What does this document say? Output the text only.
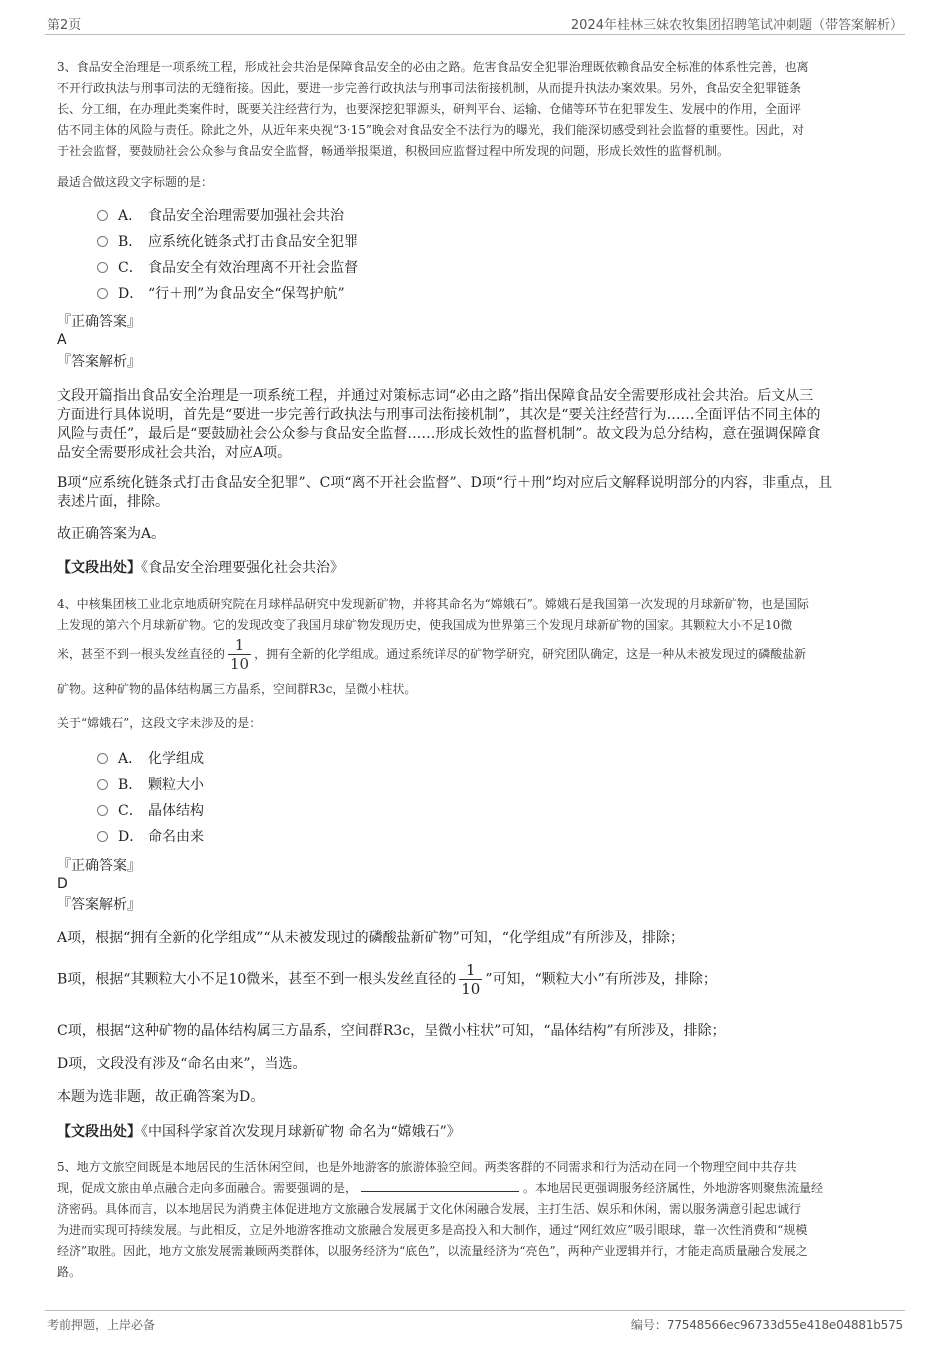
第2页	2024年桂林三妹农牧集团招聘笔试冲刺题（带答案解析）
3、食品安全治理是一项系统工程，形成社会共治是保障食品安全的必由之路。危害食品安全犯罪治理既依赖食品安全标准的体系性完善，也离
不开行政执法与刑事司法的无缝衔接。因此，要进一步完善行政执法与刑事司法衔接机制，从而提升执法办案效果。另外，食品安全犯罪链条
长、分工细，在办理此类案件时，既要关注经营行为，也要深挖犯罪源头，研判平台、运输、仓储等环节在犯罪发生、发展中的作用，全面评
估不同主体的风险与责任。除此之外，从近年来央视“3·15”晚会对食品安全不法行为的曝光，我们能深切感受到社会监督的重要性。因此，对
于社会监督，要鼓励社会公众参与食品安全监督，畅通举报渠道，积极回应监督过程中所发现的问题，形成长效性的监督机制。
最适合做这段文字标题的是：
A． 食品安全治理需要加强社会共治
B． 应系统化链条式打击食品安全犯罪
C． 食品安全有效治理离不开社会监督
D． “行＋刑”为食品安全“保驾护航”
『正确答案』
A
『答案解析』
文段开篇指出食品安全治理是一项系统工程，并通过对策标志词“必由之路”指出保障食品安全需要形成社会共治。后文从三
方面进行具体说明，首先是“要进一步完善行政执法与刑事司法衔接机制”，其次是“要关注经营行为……全面评估不同主体的
风险与责任”，最后是“要鼓励社会公众参与食品安全监督……形成长效性的监督机制”。故文段为总分结构，意在强调保障食
品安全需要形成社会共治，对应A项。
B项“应系统化链条式打击食品安全犯罪”、C项“离不开社会监督”、D项“行＋刑”均对应后文解释说明部分的内容，非重点，且
表述片面，排除。
故正确答案为A。
【文段出处】《食品安全治理要强化社会共治》
4、中核集团核工业北京地质研究院在月球样品研究中发现新矿物，并将其命名为“嫦娥石”。嫦娥石是我国第一次发现的月球新矿物，也是国际
上发现的第六个月球新矿物。它的发现改变了我国月球矿物发现历史，使我国成为世界第三个发现月球新矿物的国家。其颗粒大小不足10微
米，甚至不到一根头发丝直径的 $\frac{1}{10}$ ，拥有全新的化学组成。通过系统详尽的矿物学研究，研究团队确定，这是一种从未被发现过的磷酸盐新
矿物。这种矿物的晶体结构属三方晶系，空间群R3c，呈微小柱状。
关于“嫦娥石”，这段文字未涉及的是：
A． 化学组成
B． 颗粒大小
C． 晶体结构
D． 命名由来
『正确答案』
D
『答案解析』
A项，根据“拥有全新的化学组成”“从未被发现过的磷酸盐新矿物”可知，“化学组成”有所涉及，排除；
B项，根据“其颗粒大小不足10微米，甚至不到一根头发丝直径的 $\frac{1}{10}$ ”可知，“颗粒大小”有所涉及，排除；
C项，根据“这种矿物的晶体结构属三方晶系，空间群R3c，呈微小柱状”可知，“晶体结构”有所涉及，排除；
D项，文段没有涉及“命名由来”，当选。
本题为选非题，故正确答案为D。
【文段出处】《中国科学家首次发现月球新矿物 命名为“嫦娥石”》
5、地方文旅空间既是本地居民的生活休闲空间，也是外地游客的旅游体验空间。两类客群的不同需求和行为活动在同一个物理空间中共存共
现，促成文旅由单点融合走向多面融合。需要强调的是，	。本地居民更强调服务经济属性，外地游客则聚焦流量经
济密码。具体而言，以本地居民为消费主体促进地方文旅融合发展属于文化休闲融合发展，主打生活、娱乐和休闲，需以服务满意引起忠诚行
为进而实现可持续发展。与此相反，立足外地游客推动文旅融合发展更多是高投入和大制作，通过“网红效应”吸引眼球，靠一次性消费和“规模
经济”取胜。因此，地方文旅发展需兼顾两类群体，以服务经济为“底色”，以流量经济为“亮色”，两种产业逻辑并行，才能走高质量融合发展之
路。
考前押题，上岸必备	编号：77548566ec96733d55e418e04881b575
